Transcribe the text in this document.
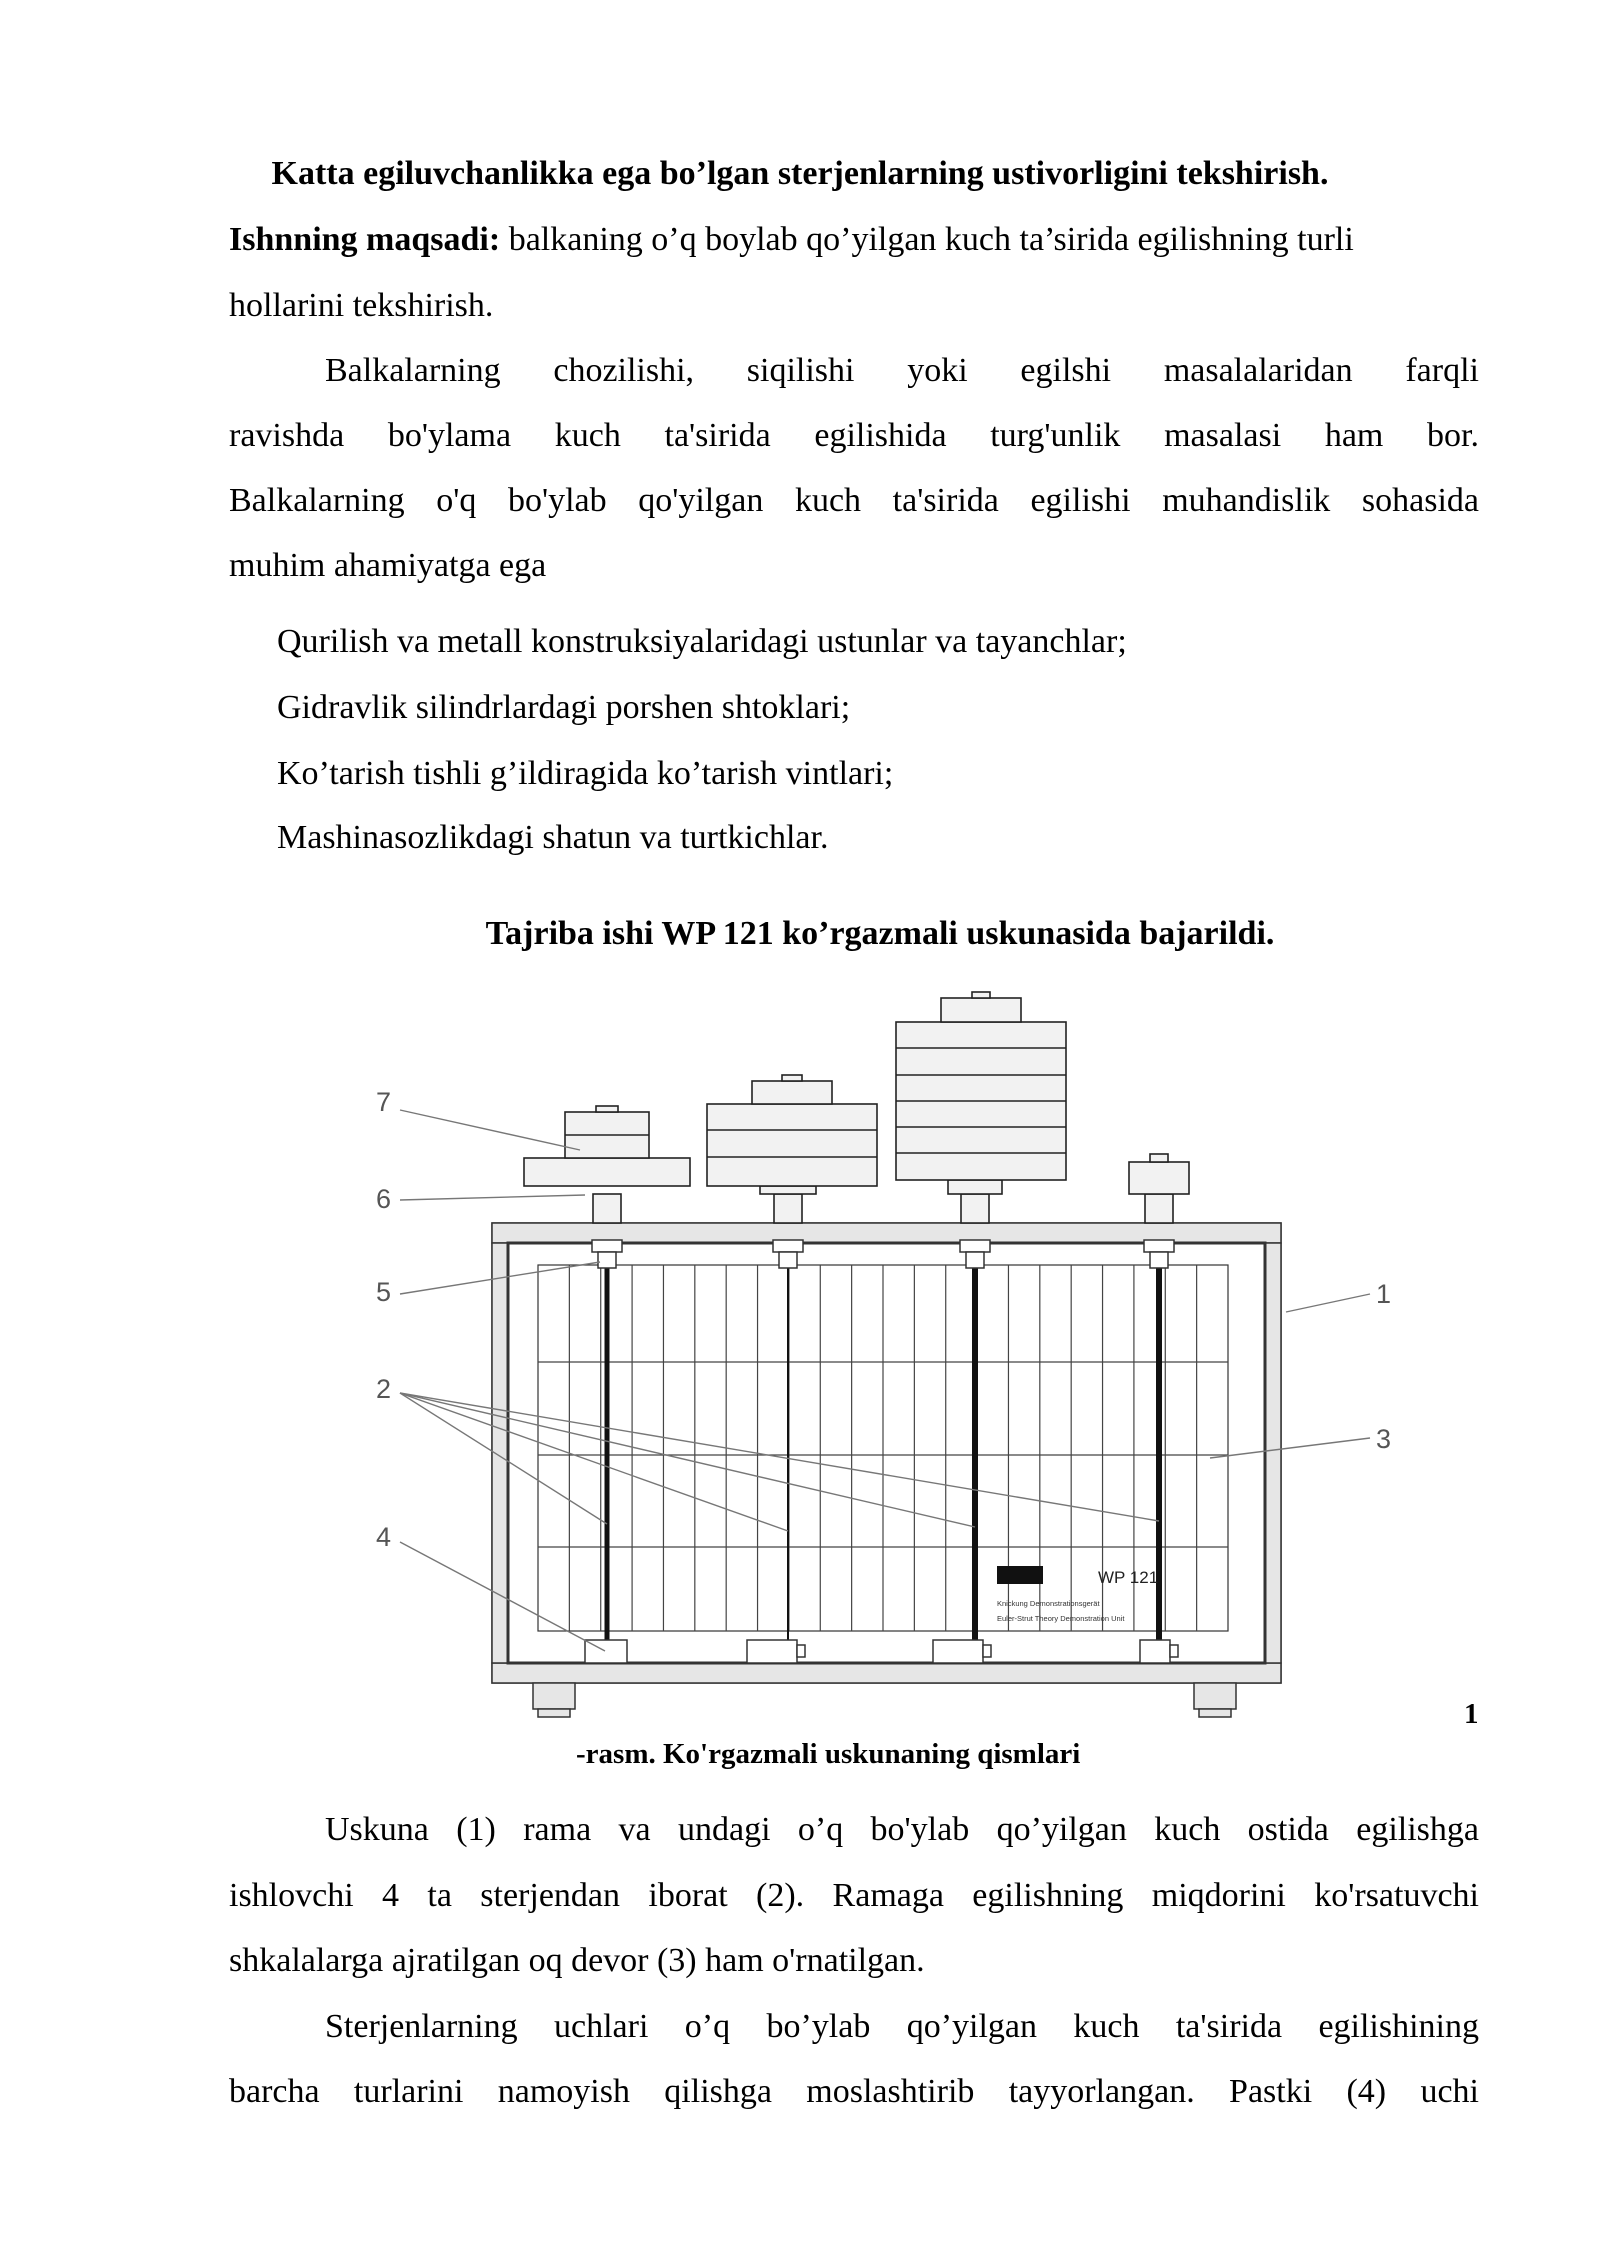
Katta egiluvchanlikka ega bo’lgan sterjenlarning ustivorligini tekshirish.
Ishnning maqsadi: balkaning o’q boylab qo’yilgan kuch ta’sirida egilishning turli
hollarini tekshirish.
Balkalarning chozilishi, siqilishi yoki egilshi masalalaridan farqli
ravishda bo'ylama kuch ta'sirida egilishida turg'unlik masalasi ham bor.
Balkalarning o'q bo'ylab qo'yilgan kuch ta'sirida egilishi muhandislik sohasida
muhim ahamiyatga ega
Qurilish va metall konstruksiyalaridagi ustunlar va tayanchlar;
Gidravlik silindrlardagi porshen shtoklari;
Ko’tarish tishli g’ildiragida ko’tarish vintlari;
Mashinasozlikdagi shatun va turtkichlar.
Tajriba ishi WP 121 ko’rgazmali uskunasida bajarildi.
7
6
5
2
4
1
3
WP 121
Knickung Demonstrationsgerät
Euler-Strut Theory Demonstration Unit
1
-rasm. Ko'rgazmali uskunaning qismlari
Uskuna (1) rama va undagi o’q bo'ylab qo’yilgan kuch ostida egilishga
ishlovchi 4 ta sterjendan iborat (2). Ramaga egilishning miqdorini ko'rsatuvchi
shkalalarga ajratilgan oq devor (3) ham o'rnatilgan.
Sterjenlarning uchlari o’q bo’ylab qo’yilgan kuch ta'sirida egilishining
barcha turlarini namoyish qilishga moslashtirib tayyorlangan. Pastki (4) uchi
